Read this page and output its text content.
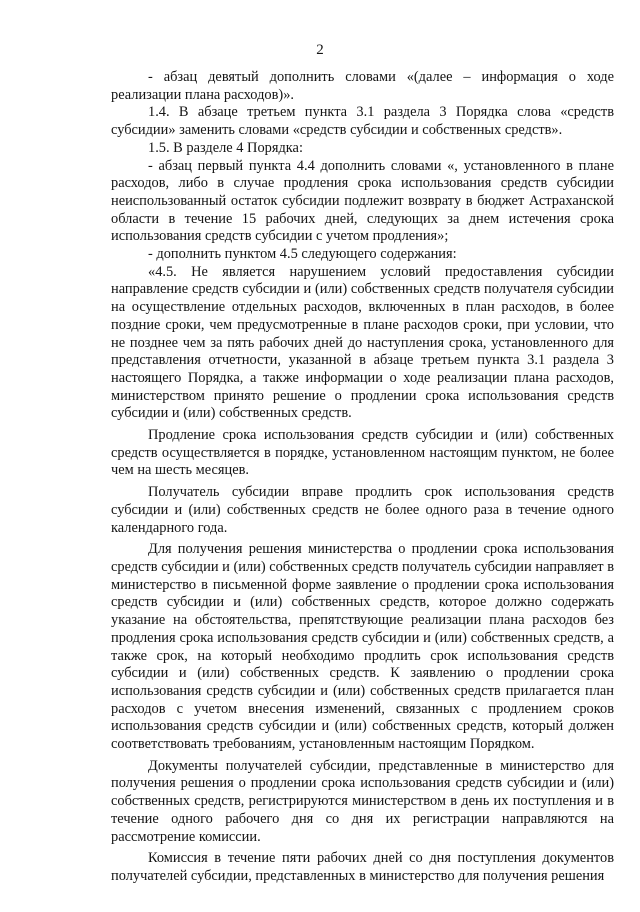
2

- абзац девятый дополнить словами «(далее – информация о ходе реализации плана расходов)».

1.4. В абзаце третьем пункта 3.1 раздела 3 Порядка слова «средств субсидии» заменить словами «средств субсидии и собственных средств».

1.5. В разделе 4 Порядка:

- абзац первый пункта 4.4 дополнить словами «, установленного в плане расходов, либо в случае продления срока использования средств субсидии неиспользованный остаток субсидии подлежит возврату в бюджет Астраханской области в течение 15 рабочих дней, следующих за днем истечения срока использования средств субсидии с учетом продления»;

- дополнить пунктом 4.5 следующего содержания:

«4.5. Не является нарушением условий предоставления субсидии направление средств субсидии и (или) собственных средств получателя субсидии на осуществление отдельных расходов, включенных в план расходов, в более поздние сроки, чем предусмотренные в плане расходов сроки, при условии, что не позднее чем за пять рабочих дней до наступления срока, установленного для представления отчетности, указанной в абзаце третьем пункта 3.1 раздела 3 настоящего Порядка, а также информации о ходе реализации плана расходов, министерством принято решение о продлении срока использования средств субсидии и (или) собственных средств.

Продление срока использования средств субсидии и (или) собственных средств осуществляется в порядке, установленном настоящим пунктом, не более чем на шесть месяцев.

Получатель субсидии вправе продлить срок использования средств субсидии и (или) собственных средств не более одного раза в течение одного календарного года.

Для получения решения министерства о продлении срока использования средств субсидии и (или) собственных средств получатель субсидии направляет в министерство в письменной форме заявление о продлении срока использования средств субсидии и (или) собственных средств, которое должно содержать указание на обстоятельства, препятствующие реализации плана расходов без продления срока использования средств субсидии и (или) собственных средств, а также срок, на который необходимо продлить срок использования средств субсидии и (или) собственных средств. К заявлению о продлении срока использования средств субсидии и (или) собственных средств прилагается план расходов с учетом внесения изменений, связанных с продлением сроков использования средств субсидии и (или) собственных средств, который должен соответствовать требованиям, установленным настоящим Порядком.

Документы получателей субсидии, представленные в министерство для получения решения о продлении срока использования средств субсидии и (или) собственных средств, регистрируются министерством в день их поступления и в течение одного рабочего дня со дня их регистрации направляются на рассмотрение комиссии.

Комиссия в течение пяти рабочих дней со дня поступления документов получателей субсидии, представленных в министерство для получения решения
